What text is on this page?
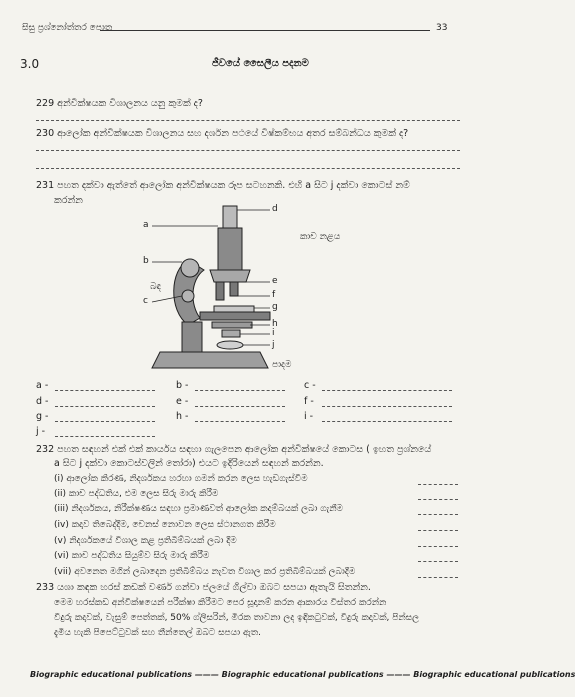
සිසු ප්‍රශ්නෝත්තර පොත	33
3.0	ජීවයේ සෛලීය පදනම
229 අන්වීක්ෂයක විශාලනය යනු කුමක් ද?
230 ආලෝක අන්වීක්ෂයක විශාලනය සහ දර්ශන පථයේ විෂ්කම්භය අතර සම්බන්ධය කුමක් ද?
231 පහත දක්වා ඇත්තේ ආලෝක අන්වීක්ෂයක රූප සටහනකි. එහි a සිට j දක්වා කොටස් නම්
කරන්න
a
b
c
d
e
f
g
h
i
j
බඳ
කාච නළය
පාදම
a -
d -
g -
j -
b -
e -
h -
c -
f -
i -
232 පහත සඳහන් එක් එක් කාර්යය සඳහා ගැලපෙන ආලෝක අන්වීක්ෂයේ කොටස ( ඉහත ප්‍රශ්නයේ
a සිට j දක්වා කොටස්වලින් තෝරා) එයට ඉදිරියෙන් සඳහන් කරන්න.
(i) ආලෝක කිරණ, නිදර්ශකය හරහා ගමන් කරන ලෙස හැඩගැස්වීම
(ii) කාච පද්ධතිය, එම ලෙස සිරු මාරු කිරීම
(iii) නිදර්ශකය, නිරීක්ෂණය සඳහා ප්‍රමාණවත් ආලෝක කදම්බයක් ලබා ගැනීම
(iv) කදාව තිබෙද්දීම, චෙනස් නොවන ලෙස ස්ථානගත කිරීම
(v) නිදර්ශකයේ විශාල කළ ප්‍රතිබිම්බයක් ලබා දීම
(vi) කාච පද්ධතිය සියුම්ව සිරු මාරු කිරීම
(vii) අවනෙත මගින් ලබාදෙන ප්‍රතිබිම්බය නැවත විශාල කර ප්‍රතිබිම්බයක් ලබාදීම
233 යශා කඳක හරස් කඩක් වර්ණ ගන්වා ජලයේ ගිල්වා ඔබට සපයා ඇතැයි සිතන්න.
මෙම හරස්කඩ අන්වීක්ෂයෙන් පරීක්ෂා කිරීමට පෙර සූදානම් කරන ආකාරය විස්තර කරන්න
වීදුරු කදාවක්, වැසුම් පෙත්තක්, 50% ග්ලිසරින්, මිරක තාවනා ලද ඉඳිකටුවක්, වීදුරු කදාවක්, පින්සල
දැමිය හැකි පිපෙට්ටුවක් සහ තීන්තෙල් ඔබට සපයා ඇත.
Biographic educational publications ——— Biographic educational publications ——— Biographic educational publications
